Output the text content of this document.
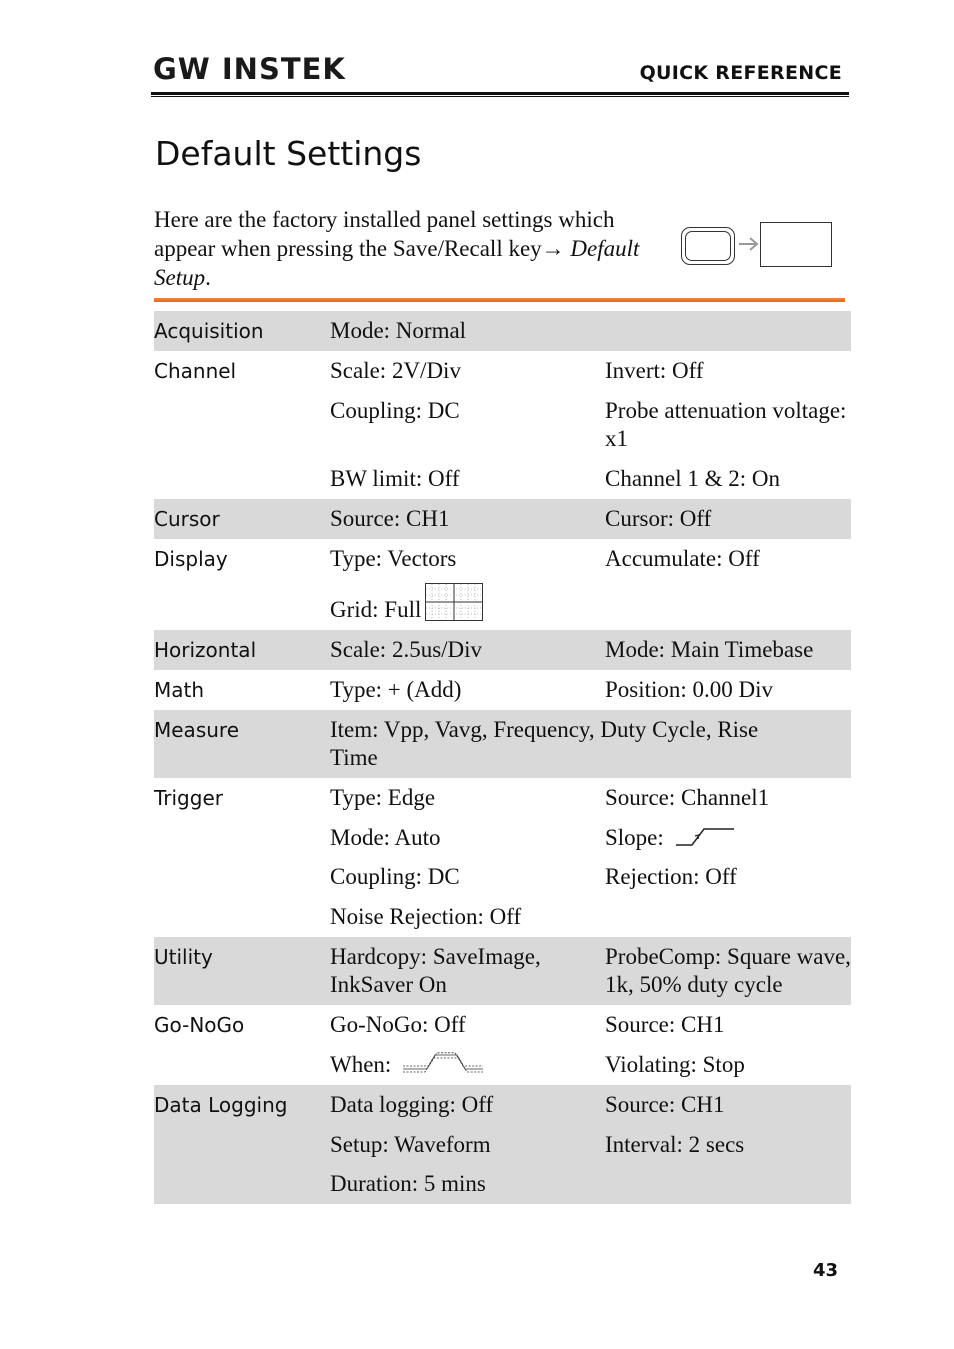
GW INSTEK	QUICK REFERENCE
Default Settings
Here are the factory installed panel settings which appear when pressing the Save/Recall key→ Default Setup.
Acquisition	Mode: Normal	
Channel	Scale: 2V/Div	Invert: Off
	Coupling: DC	Probe attenuation voltage: x1
	BW limit: Off	Channel 1 & 2: On
Cursor	Source: CH1	Cursor: Off
Display	Type: Vectors	Accumulate: Off
	Grid: Full	
Horizontal	Scale: 2.5us/Div	Mode: Main Timebase
Math	Type: + (Add)	Position: 0.00 Div
Measure	Item: Vpp, Vavg, Frequency, Duty Cycle, Rise Time	
Trigger	Type: Edge	Source: Channel1
	Mode: Auto	Slope:
	Coupling: DC	Rejection: Off
	Noise Rejection: Off	
Utility	Hardcopy: SaveImage, InkSaver On	ProbeComp: Square wave, 1k, 50% duty cycle
Go-NoGo	Go-NoGo: Off	Source: CH1
	When:	Violating: Stop
Data Logging	Data logging: Off	Source: CH1
	Setup: Waveform	Interval: 2 secs
	Duration: 5 mins	
43
